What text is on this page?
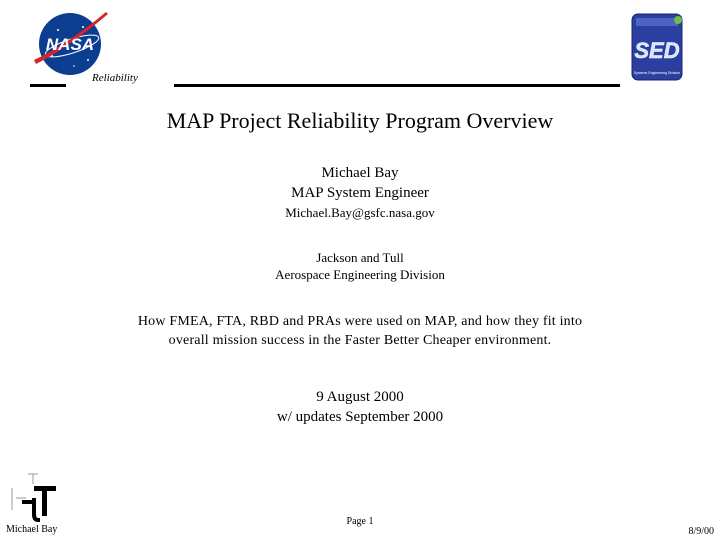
NASA	SED
Systems Engineering Division
Reliability
MAP Project Reliability Program Overview
Michael Bay
MAP System Engineer
Michael.Bay@gsfc.nasa.gov
Jackson and Tull
Aerospace Engineering Division
How FMEA, FTA, RBD and PRAs were used on MAP, and how they fit into
overall mission success in the Faster Better Cheaper environment.
9 August 2000
w/ updates September 2000
Michael Bay
Page 1
8/9/00
